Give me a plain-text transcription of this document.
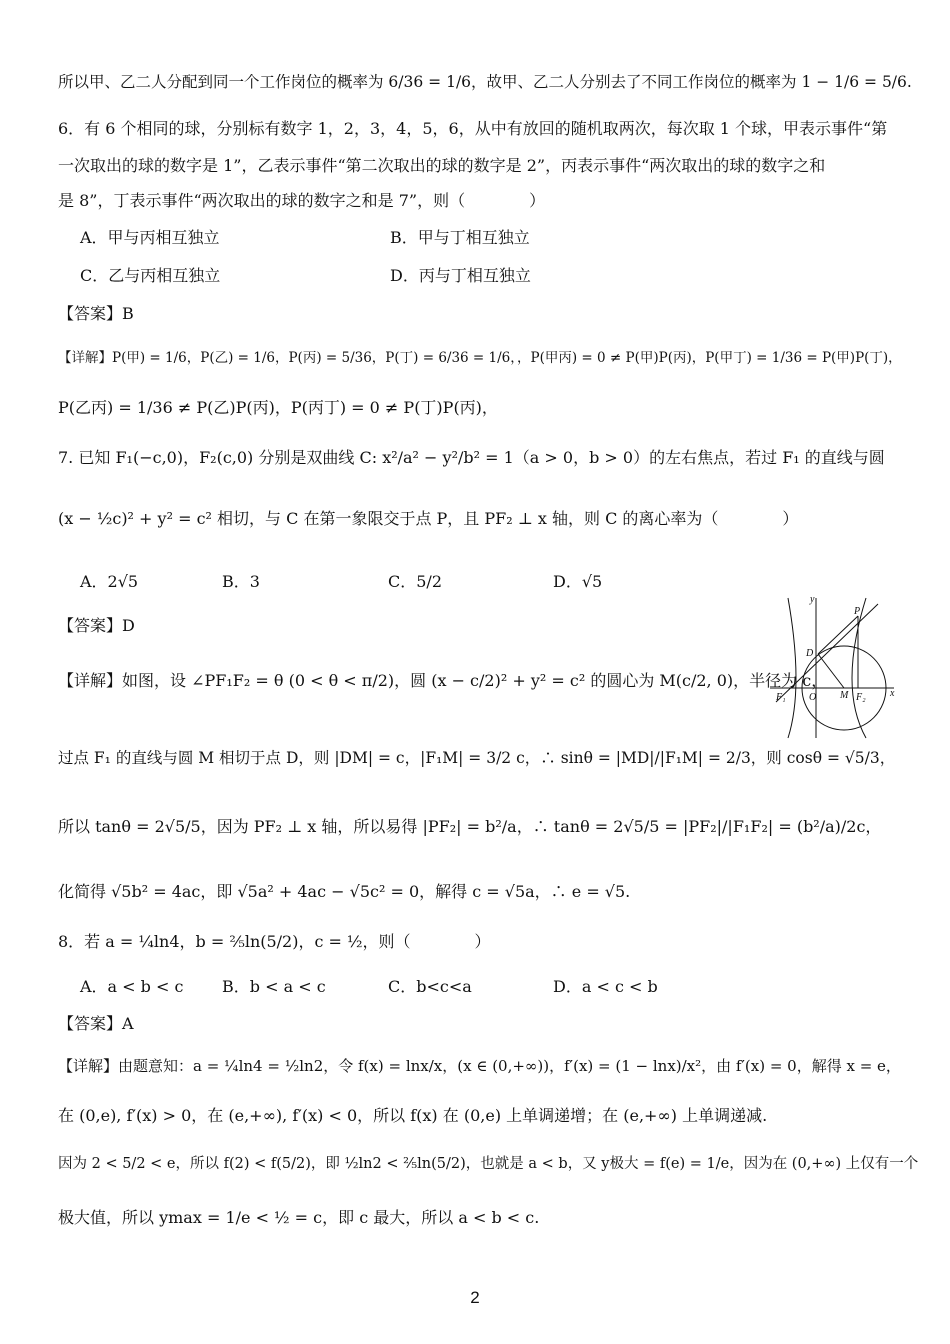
所以甲、乙二人分配到同一个工作岗位的概率为 6/36 = 1/6，故甲、乙二人分别去了不同工作岗位的概率为 1 − 1/6 = 5/6.
6．有 6 个相同的球，分别标有数字 1，2，3，4，5，6，从中有放回的随机取两次，每次取 1 个球，甲表示事件“第
一次取出的球的数字是 1”，乙表示事件“第二次取出的球的数字是 2”，丙表示事件“两次取出的球的数字之和
是 8”，丁表示事件“两次取出的球的数字之和是 7”，则（　　　　）
A．甲与丙相互独立	B．甲与丁相互独立
C．乙与丙相互独立	D．丙与丁相互独立
【答案】B
【详解】P(甲) = 1/6，P(乙) = 1/6，P(丙) = 5/36，P(丁) = 6/36 = 1/6，，P(甲丙) = 0 ≠ P(甲)P(丙)，P(甲丁) = 1/36 = P(甲)P(丁)，
P(乙丙) = 1/36 ≠ P(乙)P(丙)，P(丙丁) = 0 ≠ P(丁)P(丙)，
7. 已知 F₁(−c,0)，F₂(c,0) 分别是双曲线 C: x²/a² − y²/b² = 1（a > 0，b > 0）的左右焦点，若过 F₁ 的直线与圆
(x − ½c)² + y² = c² 相切，与 C 在第一象限交于点 P，且 PF₂ ⊥ x 轴，则 C 的离心率为（　　　　）
A．2√5	B．3	C．5/2	D．√5
【答案】D
y
x
P
D
F₁ O M F₂
【详解】如图，设 ∠PF₁F₂ = θ (0 < θ < π/2)，圆 (x − c/2)² + y² = c² 的圆心为 M(c/2, 0)，半径为 c，
过点 F₁ 的直线与圆 M 相切于点 D，则 |DM| = c，|F₁M| = 3/2 c，∴ sinθ = |MD|/|F₁M| = 2/3，则 cosθ = √5/3，
所以 tanθ = 2√5/5，因为 PF₂ ⊥ x 轴，所以易得 |PF₂| = b²/a，∴ tanθ = 2√5/5 = |PF₂|/|F₁F₂| = (b²/a)/2c，
化简得 √5b² = 4ac，即 √5a² + 4ac − √5c² = 0，解得 c = √5a，∴ e = √5.
8．若 a = ¼ln4，b = ⅖ln(5/2)，c = ½，则（　　　　）
A．a < b < c B．b < a < c	C．b<c<a	D．a < c < b
【答案】A
【详解】由题意知：a = ¼ln4 = ½ln2，令 f(x) = lnx/x，(x ∈ (0,+∞))，f′(x) = (1 − lnx)/x²，由 f′(x) = 0，解得 x = e，
在 (0,e), f′(x) > 0，在 (e,+∞), f′(x) < 0，所以 f(x) 在 (0,e) 上单调递增；在 (e,+∞) 上单调递减.
因为 2 < 5/2 < e，所以 f(2) < f(5/2)，即 ½ln2 < ⅖ln(5/2)，也就是 a < b，又 y极大 = f(e) = 1/e，因为在 (0,+∞) 上仅有一个
极大值，所以 ymax = 1/e < ½ = c，即 c 最大，所以 a < b < c.
2
